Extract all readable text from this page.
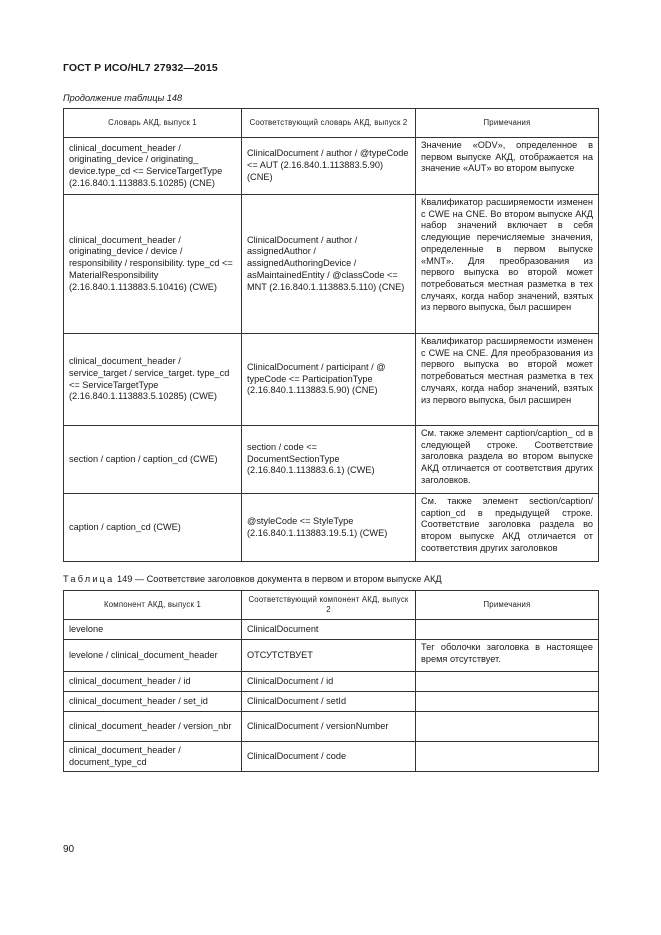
ГОСТ Р ИСО/HL7 27932—2015
Продолжение таблицы 148
Словарь АКД, выпуск 1	Соответствующий словарь АКД, выпуск 2	Примечания
clinical_document_header / originating_device / originating_ device.type_cd <= ServiceTargetType (2.16.840.1.113883.5.10285) (CNE)	ClinicalDocument / author / @typeCode <= AUT (2.16.840.1.113883.5.90) (CNE)	Значение «ODV», определенное в первом выпуске АКД, отображается на значение «AUT» во втором выпуске
clinical_document_header / originating_device / device / responsibility / responsibility. type_cd <= MaterialResponsibility (2.16.840.1.113883.5.10416) (CWE)	ClinicalDocument / author / assignedAuthor / assignedAuthoringDevice / asMaintainedEntity / @classCode <= MNT (2.16.840.1.113883.5.110) (CNE)	Квалификатор расширяемости изменен с CWE на CNE. Во втором выпуске АКД набор значений включает в себя следующие перечисляемые значения, определенные в первом выпуске «MNT». Для преобразования из первого выпуска во второй может потребоваться местная разметка в тех случаях, когда набор значений, взятых из первого выпуска, был расширен
clinical_document_header / service_target / service_target. type_cd <= ServiceTargetType (2.16.840.1.113883.5.10285) (CWE)	ClinicalDocument / participant / @ typeCode <= ParticipationType (2.16.840.1.113883.5.90) (CNE)	Квалификатор расширяемости изменен с CWE на CNE. Для преобразования из первого выпуска во второй может потребоваться местная разметка в тех случаях, когда набор значений, взятых из первого выпуска, был расширен
section / caption / caption_cd (CWE)	section / code <= DocumentSectionType (2.16.840.1.113883.6.1) (CWE)	См. также элемент caption/caption_ cd в следующей строке. Соответствие заголовка раздела во втором выпуске АКД отличается от соответствия других заголовков.
caption / caption_cd (CWE)	@styleCode <= StyleType (2.16.840.1.113883.19.5.1) (CWE)	См. также элемент section/caption/ caption_cd в предыдущей строке. Соответствие заголовка раздела во втором выпуске АКД отличается от соответствия других заголовков
Таблица 149 — Соответствие заголовков документа в первом и втором выпуске АКД
Компонент АКД, выпуск 1	Соответствующий компонент АКД, выпуск 2	Примечания
levelone	ClinicalDocument	
levelone / clinical_document_header	ОТСУТСТВУЕТ	Тег оболочки заголовка в настоящее время отсутствует.
clinical_document_header / id	ClinicalDocument / id	
clinical_document_header / set_id	ClinicalDocument / setId	
clinical_document_header / version_nbr	ClinicalDocument / versionNumber	
clinical_document_header / document_type_cd	ClinicalDocument / code	
90
